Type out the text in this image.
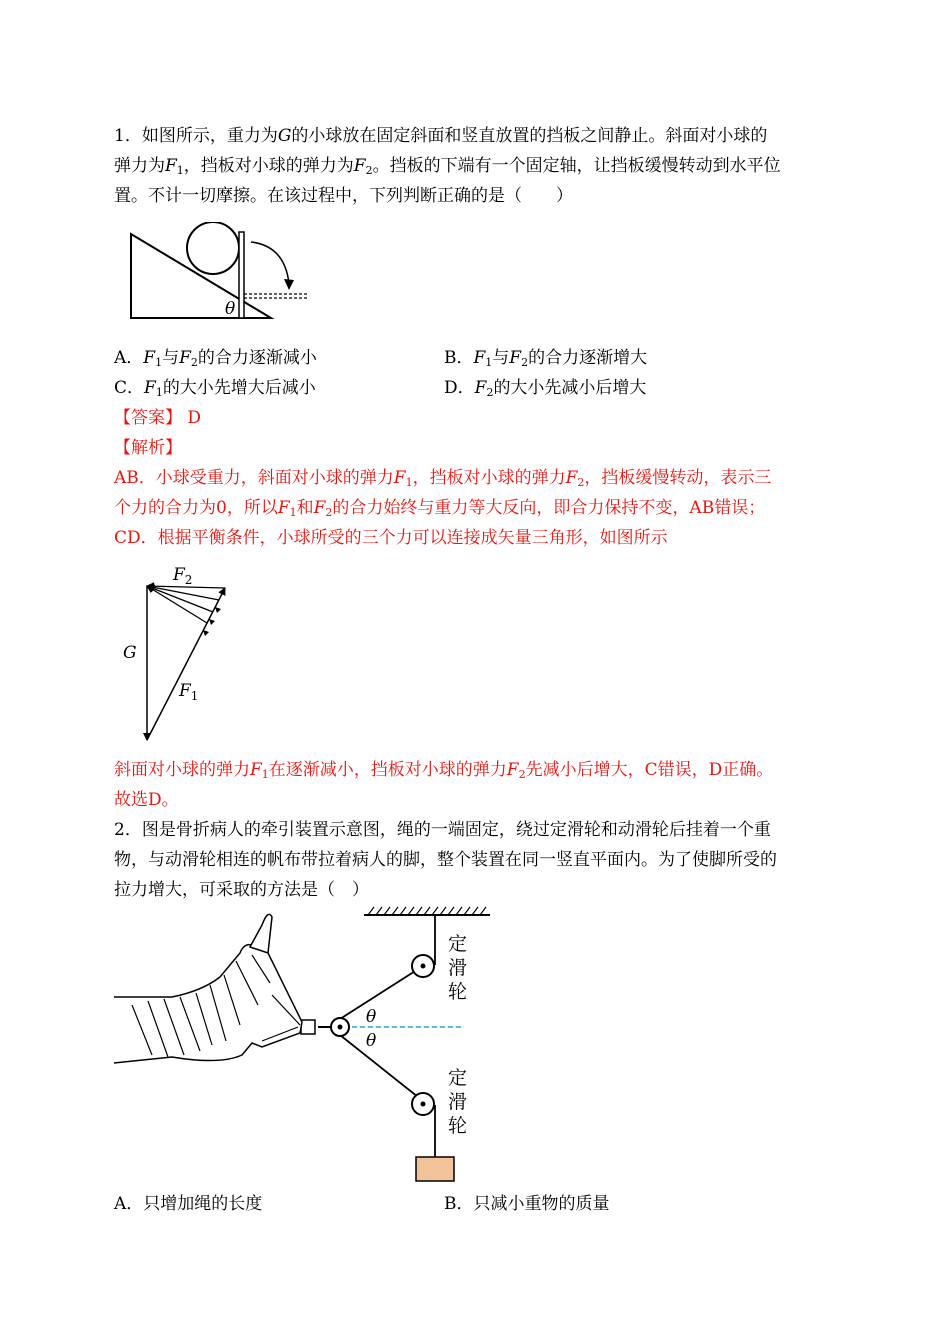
1．如图所示，重力为G的小球放在固定斜面和竖直放置的挡板之间静止。斜面对小球的
弹力为$F_1$，挡板对小球的弹力为$F_2$。挡板的下端有一个固定轴，让挡板缓慢转动到水平位
置。不计一切摩擦。在该过程中，下列判断正确的是（　　）
θ
A．$F_1$与$F_2$的合力逐渐减小	B．$F_1$与$F_2$的合力逐渐增大
C．$F_1$的大小先增大后减小	D．$F_2$的大小先减小后增大
【答案】 D
【解析】
AB．小球受重力，斜面对小球的弹力$F_1$，挡板对小球的弹力$F_2$，挡板缓慢转动，表示三
个力的合力为0，所以$F_1$和$F_2$的合力始终与重力等大反向，即合力保持不变，AB错误；
CD．根据平衡条件，小球所受的三个力可以连接成矢量三角形，如图所示
$F_2$
G
$F_1$
斜面对小球的弹力$F_1$在逐渐减小，挡板对小球的弹力$F_2$先减小后增大，C错误，D正确。
故选D。
2．图是骨折病人的牵引装置示意图，绳的一端固定，绕过定滑轮和动滑轮后挂着一个重
物，与动滑轮相连的帆布带拉着病人的脚，整个装置在同一竖直平面内。为了使脚所受的
拉力增大，可采取的方法是（　）
θ
θ
定滑轮
定滑轮
A．只增加绳的长度	B．只减小重物的质量
